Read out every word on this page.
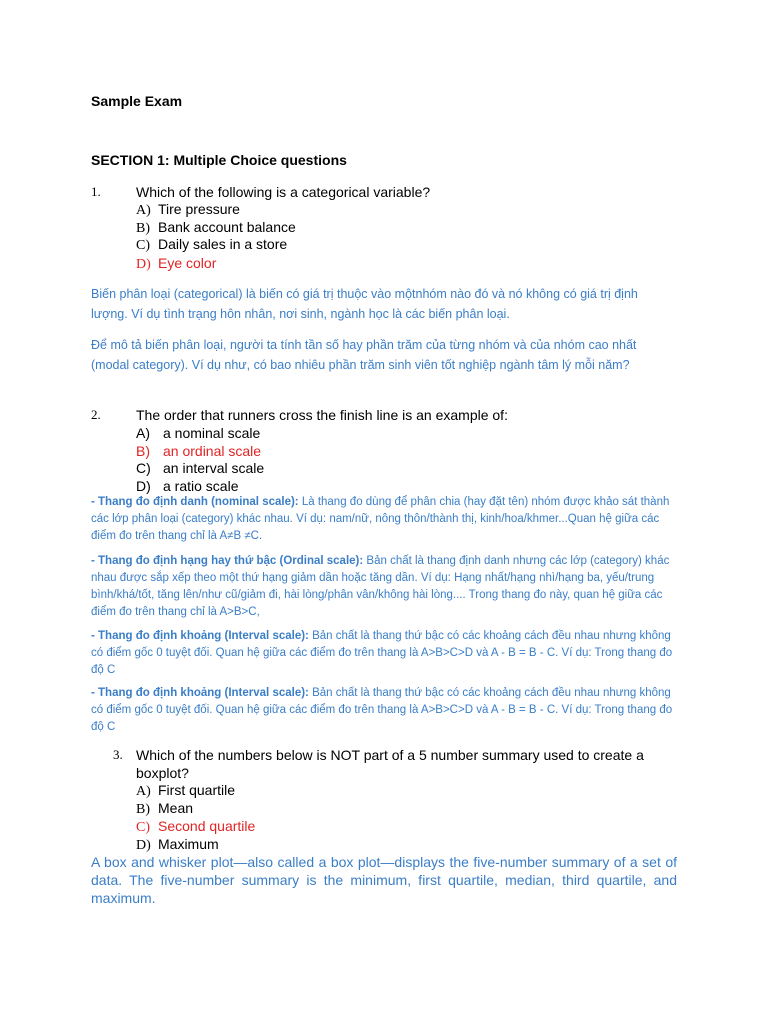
Sample Exam
SECTION 1: Multiple Choice questions
1.	Which of the following is a categorical variable?
A) Tire pressure
B) Bank account balance
C) Daily sales in a store
D) Eye color
Biến phân loại (categorical) là biến có giá trị thuộc vào mộtnhóm nào đó và nó không có giá trị định lượng. Ví dụ tình trạng hôn nhân, nơi sinh, ngành học là các biến phân loại.
Để mô tả biến phân loại, người ta tính tần số hay phần trăm của từng nhóm và của nhóm cao nhất (modal category). Ví dụ như, có bao nhiêu phần trăm sinh viên tốt nghiệp ngành tâm lý mỗi năm?
2.	The order that runners cross the finish line is an example of:
A) a nominal scale
B) an ordinal scale
C) an interval scale
D) a ratio scale
- Thang đo định danh (nominal scale): Là thang đo dùng để phân chia (hay đặt tên) nhóm được khảo sát thành các lớp phân loại (category) khác nhau. Ví dụ: nam/nữ, nông thôn/thành thị, kinh/hoa/khmer...Quan hệ giữa các điểm đo trên thang chỉ là A≠B ≠C.
- Thang đo định hạng hay thứ bậc (Ordinal scale): Bản chất là thang định danh nhưng các lớp (category) khác nhau được sắp xếp theo một thứ hạng giảm dần hoặc tăng dần. Ví dụ: Hạng nhất/hạng nhì/hạng ba, yếu/trung bình/khá/tốt, tăng lên/như cũ/giảm đi, hài lòng/phân vân/không hài lòng.... Trong thang đo này, quan hệ giữa các điểm đo trên thang chỉ là A>B>C,
- Thang đo định khoảng (Interval scale): Bản chất là thang thứ bậc có các khoảng cách đều nhau nhưng không có điểm gốc 0 tuyệt đối. Quan hệ giữa các điểm đo trên thang là A>B>C>D và A - B = B - C. Ví dụ: Trong thang đo độ C
- Thang đo định khoảng (Interval scale): Bản chất là thang thứ bậc có các khoảng cách đều nhau nhưng không có điểm gốc 0 tuyệt đối. Quan hệ giữa các điểm đo trên thang là A>B>C>D và A - B = B - C. Ví dụ: Trong thang đo độ C
3. Which of the numbers below is NOT part of a 5 number summary used to create a boxplot?
A) First quartile
B) Mean
C) Second quartile
D) Maximum
A box and whisker plot—also called a box plot—displays the five-number summary of a set of data. The five-number summary is the minimum, first quartile, median, third quartile, and maximum.
